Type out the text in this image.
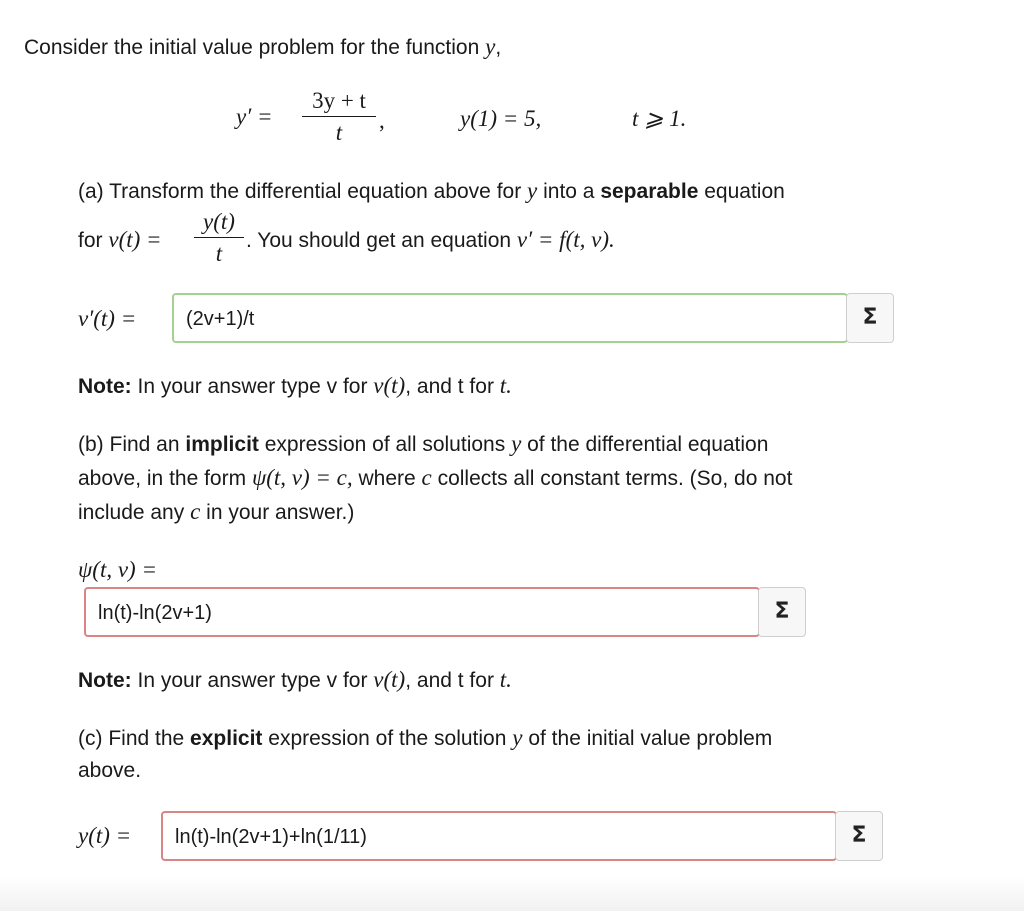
Consider the initial value problem for the function y,
y′ =
3y + t
t	,	y(1) = 5,	t ⩾ 1.
(a) Transform the differential equation above for y into a separable equation
for v(t) =
y(t)
t
. You should get an equation v′ = f(t, v).
v′(t) =	(2v+1)/t	Σ
Note: In your answer type v for v(t), and t for t.
(b) Find an implicit expression of all solutions y of the differential equation
above, in the form ψ(t, v) = c, where c collects all constant terms. (So, do not
include any c in your answer.)
ψ(t, v) =
ln(t)-ln(2v+1)	Σ
Note: In your answer type v for v(t), and t for t.
(c) Find the explicit expression of the solution y of the initial value problem
above.
y(t) =	ln(t)-ln(2v+1)+ln(1/11)	Σ
